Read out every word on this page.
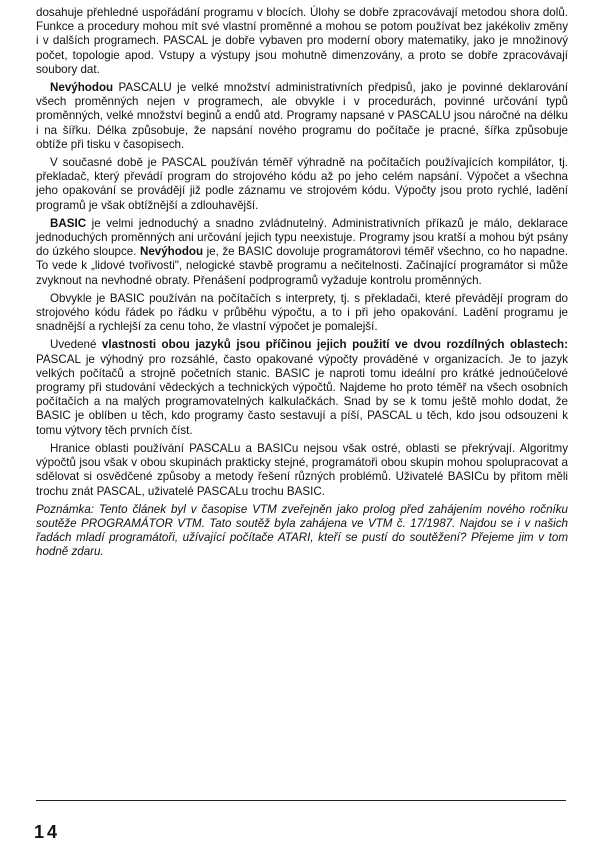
dosahuje přehledné uspořádání programu v blocích. Úlohy se dobře zpracovávají metodou shora dolů. Funkce a procedury mohou mít své vlastní proměnné a mohou se potom používat bez jakékoliv změny i v dalších programech. PASCAL je dobře vybaven pro moderní obory matematiky, jako je množinový počet, topologie apod. Vstupy a výstupy jsou mohutně dimenzovány, a proto se dobře zpracovávají soubory dat.

Nevýhodou PASCALU je velké množství administrativních předpisů, jako je povinné deklarování všech proměnných nejen v programech, ale obvykle i v procedurách, povinné určování typů proměnných, velké množství beginů a endů atd. Programy napsané v PASCALU jsou náročné na délku i na šířku. Délka způsobuje, že napsání nového programu do počítače je pracné, šířka způsobuje obtíže při tisku v časopisech.

V současné době je PASCAL používán téměř výhradně na počítačích používajících kompilátor, tj. překladač, který převádí program do strojového kódu až po jeho celém napsání. Výpočet a všechna jeho opakování se provádějí již podle záznamu ve strojovém kódu. Výpočty jsou proto rychlé, ladění programů je však obtížnější a zdlouhavější.

BASIC je velmi jednoduchý a snadno zvládnutelný. Administrativních příkazů je málo, deklarace jednoduchých proměnných ani určování jejich typu neexistuje. Programy jsou kratší a mohou být psány do úzkého sloupce. Nevýhodou je, že BASIC dovoluje programátorovi téměř všechno, co ho napadne. To vede k „lidové tvořivosti", nelogické stavbě programu a nečitelnosti. Začínající programátor si může zvyknout na nevhodné obraty. Přenášení podprogramů vyžaduje kontrolu proměnných.

Obvykle je BASIC používán na počítačích s interprety, tj. s překladači, které převádějí program do strojového kódu řádek po řádku v průběhu výpočtu, a to i při jeho opakování. Ladění programu je snadnější a rychlejší za cenu toho, že vlastní výpočet je pomalejší.

Uvedené vlastnosti obou jazyků jsou příčinou jejich použití ve dvou rozdílných oblastech: PASCAL je výhodný pro rozsáhlé, často opakované výpočty prováděné v organizacích. Je to jazyk velkých počítačů a strojně početních stanic. BASIC je naproti tomu ideální pro krátké jednoúčelové programy při studování vědeckých a technických výpočtů. Najdeme ho proto téměř na všech osobních počítačích a na malých programovatelných kalkulačkách. Snad by se k tomu ještě mohlo dodat, že BASIC je oblíben u těch, kdo programy často sestavují a píší, PASCAL u těch, kdo jsou odsouzeni k tomu výtvory těch prvních číst.

Hranice oblasti používání PASCALu a BASICu nejsou však ostré, oblasti se překrývají. Algoritmy výpočtů jsou však v obou skupinách prakticky stejné, programátoři obou skupin mohou spolupracovat a sdělovat si osvědčené způsoby a metody řešení různých problémů. Uživatelé BASICu by přitom měli trochu znát PASCAL, uživatelé PASCALu trochu BASIC.

Poznámka: Tento článek byl v časopise VTM zveřejněn jako prolog před zahájením nového ročníku soutěže PROGRAMÁTOR VTM. Tato soutěž byla zahájena ve VTM č. 17/1987. Najdou se i v našich řadách mladí programátoři, užívající počítače ATARI, kteří se pustí do soutěžení? Přejeme jim v tom hodně zdaru.

14
